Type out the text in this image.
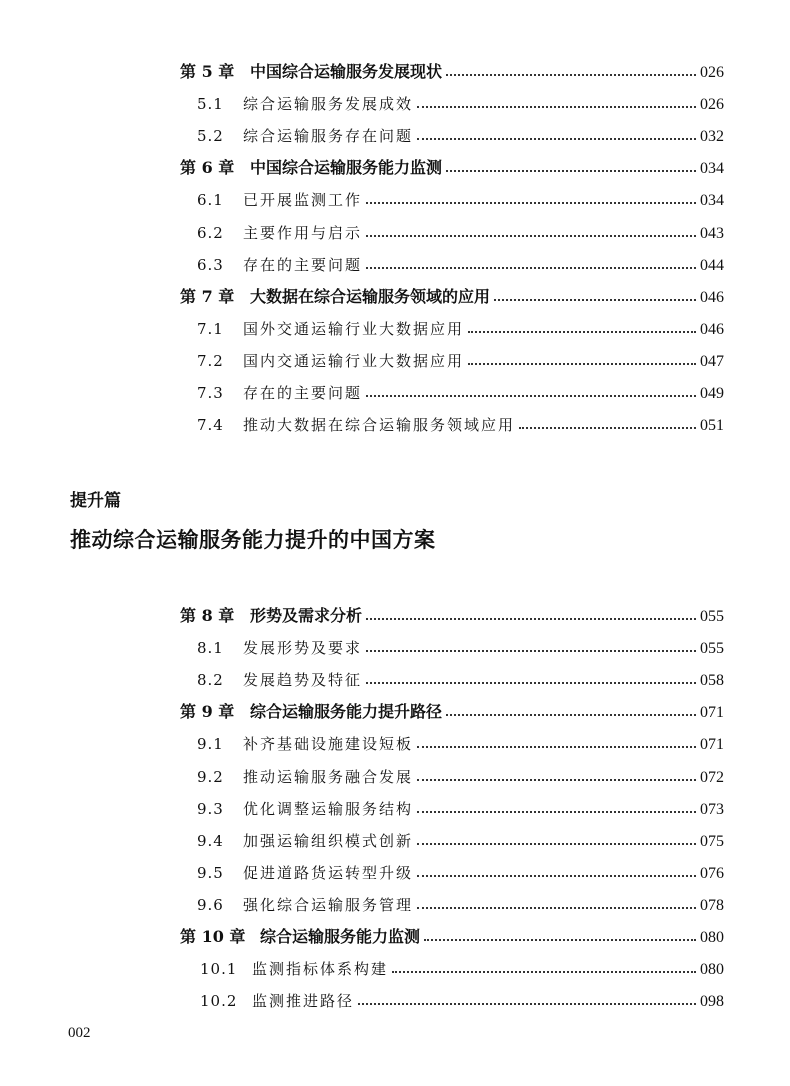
第 5 章 中国综合运输服务发展现状	026
5.1	综合运输服务发展成效	026
5.2	综合运输服务存在问题	032
第 6 章 中国综合运输服务能力监测	034
6.1	已开展监测工作	034
6.2	主要作用与启示	043
6.3	存在的主要问题	044
第 7 章 大数据在综合运输服务领域的应用	046
7.1	国外交通运输行业大数据应用	046
7.2	国内交通运输行业大数据应用	047
7.3	存在的主要问题	049
7.4	推动大数据在综合运输服务领域应用	051
提升篇
推动综合运输服务能力提升的中国方案
第 8 章 形势及需求分析	055
8.1	发展形势及要求	055
8.2	发展趋势及特征	058
第 9 章 综合运输服务能力提升路径	071
9.1	补齐基础设施建设短板	071
9.2	推动运输服务融合发展	072
9.3	优化调整运输服务结构	073
9.4	加强运输组织模式创新	075
9.5	促进道路货运转型升级	076
9.6	强化综合运输服务管理	078
第 10 章 综合运输服务能力监测	080
10.1 监测指标体系构建	080
10.2 监测推进路径	098
002
